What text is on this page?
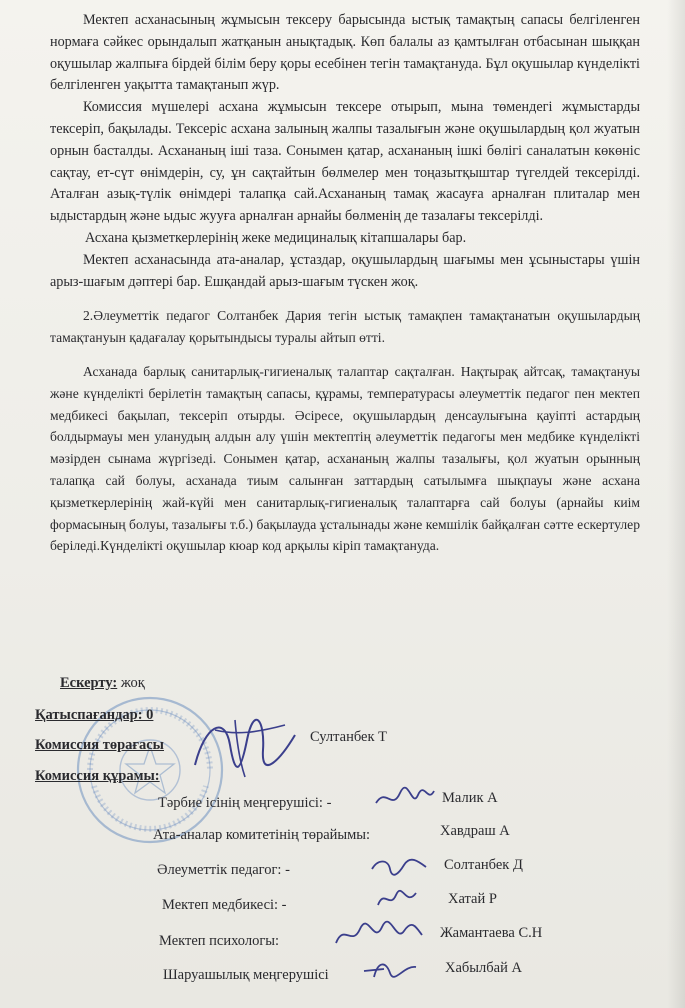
Мектеп асханасының жұмысын тексеру барысында ыстық тамақтың сапасы белгіленген нормаға сәйкес орындалып жатқанын анықтадық. Көп балалы аз қамтылған отбасынан шыққан оқушылар жалпыға бірдей білім беру қоры есебінен тегін тамақтануда. Бұл оқушылар күнделікті белгіленген уақытта тамақтанып жүр.

Комиссия мүшелері асхана жұмысын тексере отырып, мына төмендегі жұмыстарды тексеріп, бақылады. Тексеріс асхана залының жалпы тазалығын және оқушылардың қол жуатын орнын басталды. Асхананың іші таза. Сонымен қатар, асхананың ішкі бөлігі саналатын көкөніс сақтау, ет-сүт өнімдерін, су, ұн сақтайтын бөлмелер мен тоңазытқыштар түгелдей тексерілді. Аталған азық-түлік өнімдері талапқа сай.Асхананың тамақ жасауға арналған плиталар мен ыдыстардың және ыдыс жууға арналған арнайы бөлменің де тазалағы тексерілді.

Асхана қызметкерлерінің жеке медициналық кітапшалары бар.

Мектеп асханасында ата-аналар, ұстаздар, оқушылардың шағымы мен ұсыныстары үшін арыз-шағым дәптері бар. Ешқандай арыз-шағым түскен жоқ.

2.Әлеуметтік педагог Солтанбек Дария тегін ыстық тамақпен тамақтанатын оқушылардың тамақтануын қадағалау қорытындысы туралы айтып өтті.

Асханада барлық санитарлық-гигиеналық талаптар сақталған. Нақтырақ айтсақ, тамақтануы және күнделікті берілетін тамақтың сапасы, құрамы, температурасы әлеуметтік педагог пен мектеп медбикесі бақылап, тексеріп отырды. Әсіресе, оқушылардың денсаулығына қауіпті астардың болдырмауы мен уланудың алдын алу үшін мектептің әлеуметтік педагогы мен медбике күнделікті мәзірден сынама жүргізеді. Сонымен қатар, асхананың жалпы тазалығы, қол жуатын орынның талапқа сай болуы, асханада тиым салынған заттардың сатылымға шықпауы және асхана қызметкерлерінің жай-күйі мен санитарлық-гигиеналық талаптарға сай болуы (арнайы киім формасының болуы, тазалығы т.б.) бақылауда ұсталынады және кемшілік байқалған сәтте ескертулер беріледі.Күнделікті оқушылар кюар код арқылы кіріп тамақтануда.

Ескерту: жоқ
Қатыспағандар: 0
Комиссия төрағасы	Султанбек Т
Комиссия құрамы:
Тәрбие ісінің меңгерушісі: -	Малик А
Ата-аналар комитетінің төрайымы:	Хавдраш А
Әлеуметтік педагог: -	Солтанбек Д
Мектеп медбикесі: -	Хатай Р
Мектеп психологы:	Жамантаева С.Н
Шаруашылық меңгерушісі	Хабылбай А
